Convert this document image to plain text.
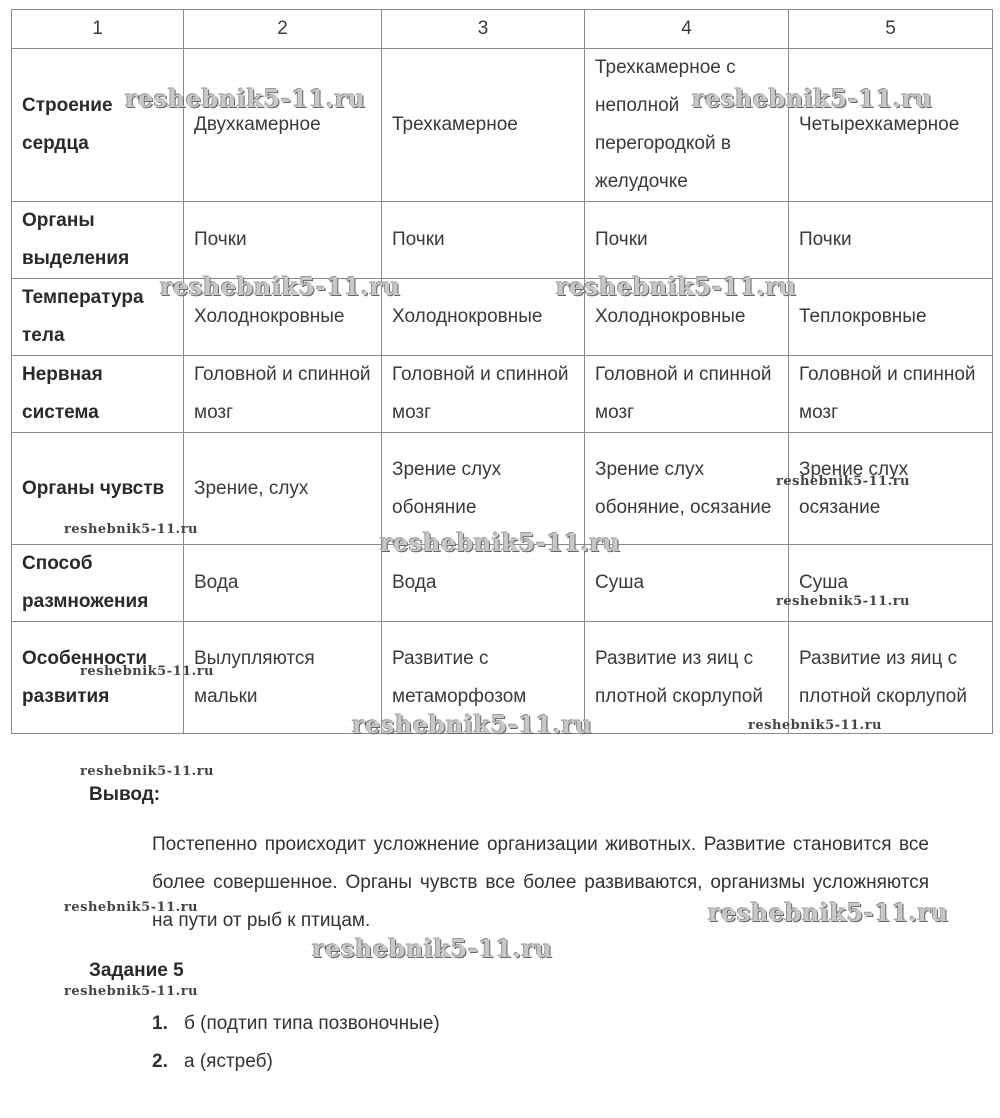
1	2	3	4	5
Строение сердца	Двухкамерное	Трехкамерное	Трехкамерное с неполной перегородкой в желудочке	Четырехкамерное
Органы выделения	Почки	Почки	Почки	Почки
Температура тела	Холоднокровные	Холоднокровные	Холоднокровные	Теплокровные
Нервная система	Головной и спинной мозг	Головной и спинной мозг	Головной и спинной мозг	Головной и спинной мозг
Органы чувств	Зрение, слух	Зрение слух обоняние	Зрение слух обоняние, осязание	Зрение слух осязание
Способ размножения	Вода	Вода	Суша	Суша
Особенности развития	Вылупляются мальки	Развитие с метаморфозом	Развитие из яиц с плотной скорлупой	Развитие из яиц с плотной скорлупой
Вывод:
Постепенно происходит усложнение организации животных. Развитие становится все более совершенное. Органы чувств все более развиваются, организмы усложняются на пути от рыб к птицам.
Задание 5
1. б (подтип типа позвоночные)
2. а (ястреб)
reshebnik5-11.ru	reshebnik5-11.ru
reshebnik5-11.ru	reshebnik5-11.ru
reshebnik5-11.ru
reshebnik5-11.ru
reshebnik5-11.ru
reshebnik5-11.ru
reshebnik5-11.ru
reshebnik5-11.ru
reshebnik5-11.ru
reshebnik5-11.ru
reshebnik5-11.ru
reshebnik5-11.ru
reshebnik5-11.ru
reshebnik5-11.ru
